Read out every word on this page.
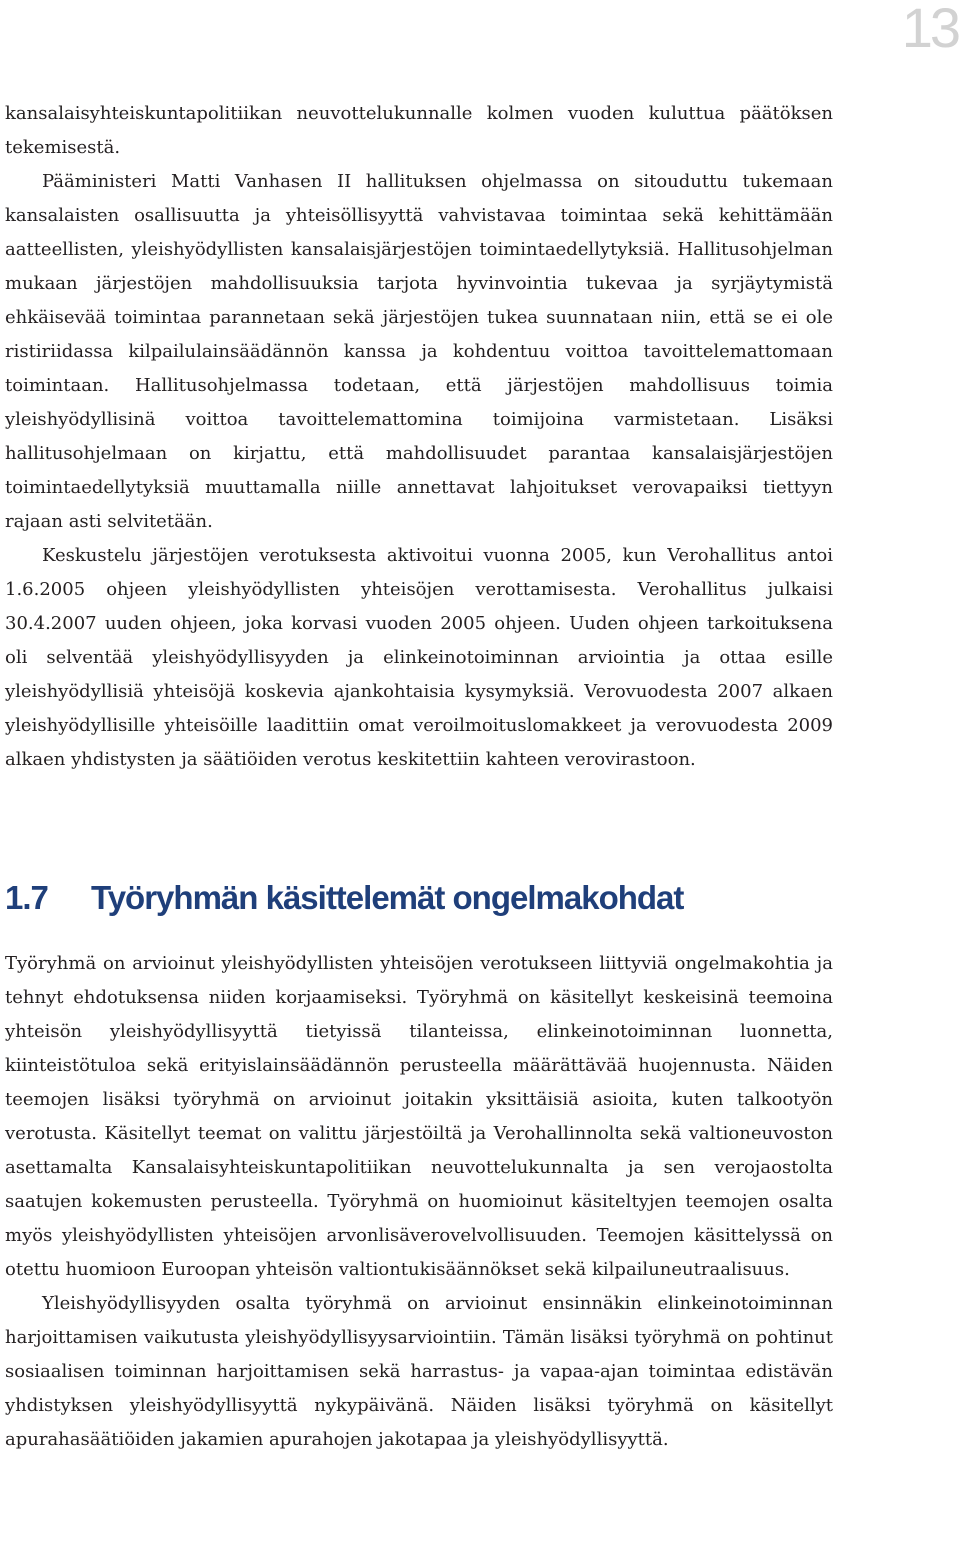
13

kansalaisyhteiskuntapolitiikan neuvottelukunnalle kolmen vuoden kuluttua päätöksen tekemisestä.

Pääministeri Matti Vanhasen II hallituksen ohjelmassa on sitouduttu tukemaan kansalaisten osallisuutta ja yhteisöllisyyttä vahvistavaa toimintaa sekä kehittämään aatteellisten, yleishyödyllisten kansalaisjärjestöjen toimintaedellytyksiä. Hallitusohjelman mukaan järjestöjen mahdollisuuksia tarjota hyvinvointia tukevaa ja syrjäytymistä ehkäisevää toimintaa parannetaan sekä järjestöjen tukea suunnataan niin, että se ei ole ristiriidassa kilpailulainsäädännön kanssa ja kohdentuu voittoa tavoittelemattomaan toimintaan. Hallitusohjelmassa todetaan, että järjestöjen mahdollisuus toimia yleishyödyllisinä voittoa tavoittelemattomina toimijoina varmistetaan. Lisäksi hallitusohjelmaan on kirjattu, että mahdollisuudet parantaa kansalaisjärjestöjen toimintaedellytyksiä muuttamalla niille annettavat lahjoitukset verovapaiksi tiettyyn rajaan asti selvitetään.

Keskustelu järjestöjen verotuksesta aktivoitui vuonna 2005, kun Verohallitus antoi 1.6.2005 ohjeen yleishyödyllisten yhteisöjen verottamisesta. Verohallitus julkaisi 30.4.2007 uuden ohjeen, joka korvasi vuoden 2005 ohjeen. Uuden ohjeen tarkoituksena oli selventää yleishyödyllisyyden ja elinkeinotoiminnan arviointia ja ottaa esille yleishyödyllisiä yhteisöjä koskevia ajankohtaisia kysymyksiä. Verovuodesta 2007 alkaen yleishyödyllisille yhteisöille laadittiin omat veroilmoituslomakkeet ja verovuodesta 2009 alkaen yhdistysten ja säätiöiden verotus keskitettiin kahteen verovirastoon.

1.7 Työryhmän käsittelemät ongelmakohdat

Työryhmä on arvioinut yleishyödyllisten yhteisöjen verotukseen liittyviä ongelmakohtia ja tehnyt ehdotuksensa niiden korjaamiseksi. Työryhmä on käsitellyt keskeisinä teemoina yhteisön yleishyödyllisyyttä tietyissä tilanteissa, elinkeinotoiminnan luonnetta, kiinteistötuloa sekä erityislainsäädännön perusteella määrättävää huojennusta. Näiden teemojen lisäksi työryhmä on arvioinut joitakin yksittäisiä asioita, kuten talkootyön verotusta. Käsitellyt teemat on valittu järjestöiltä ja Verohallinnolta sekä valtioneuvoston asettamalta Kansalaisyhteiskuntapolitiikan neuvottelukunnalta ja sen verojaostolta saatujen kokemusten perusteella. Työryhmä on huomioinut käsiteltyjen teemojen osalta myös yleishyödyllisten yhteisöjen arvonlisäverovelvollisuuden. Teemojen käsittelyssä on otettu huomioon Euroopan yhteisön valtiontukisäännökset sekä kilpailuneutraalisuus.

Yleishyödyllisyyden osalta työryhmä on arvioinut ensinnäkin elinkeinotoiminnan harjoittamisen vaikutusta yleishyödyllisyysarviointiin. Tämän lisäksi työryhmä on pohtinut sosiaalisen toiminnan harjoittamisen sekä harrastus- ja vapaa-ajan toimintaa edistävän yhdistyksen yleishyödyllisyyttä nykypäivänä. Näiden lisäksi työryhmä on käsitellyt apurahasäätiöiden jakamien apurahojen jakotapaa ja yleishyödyllisyyttä.
